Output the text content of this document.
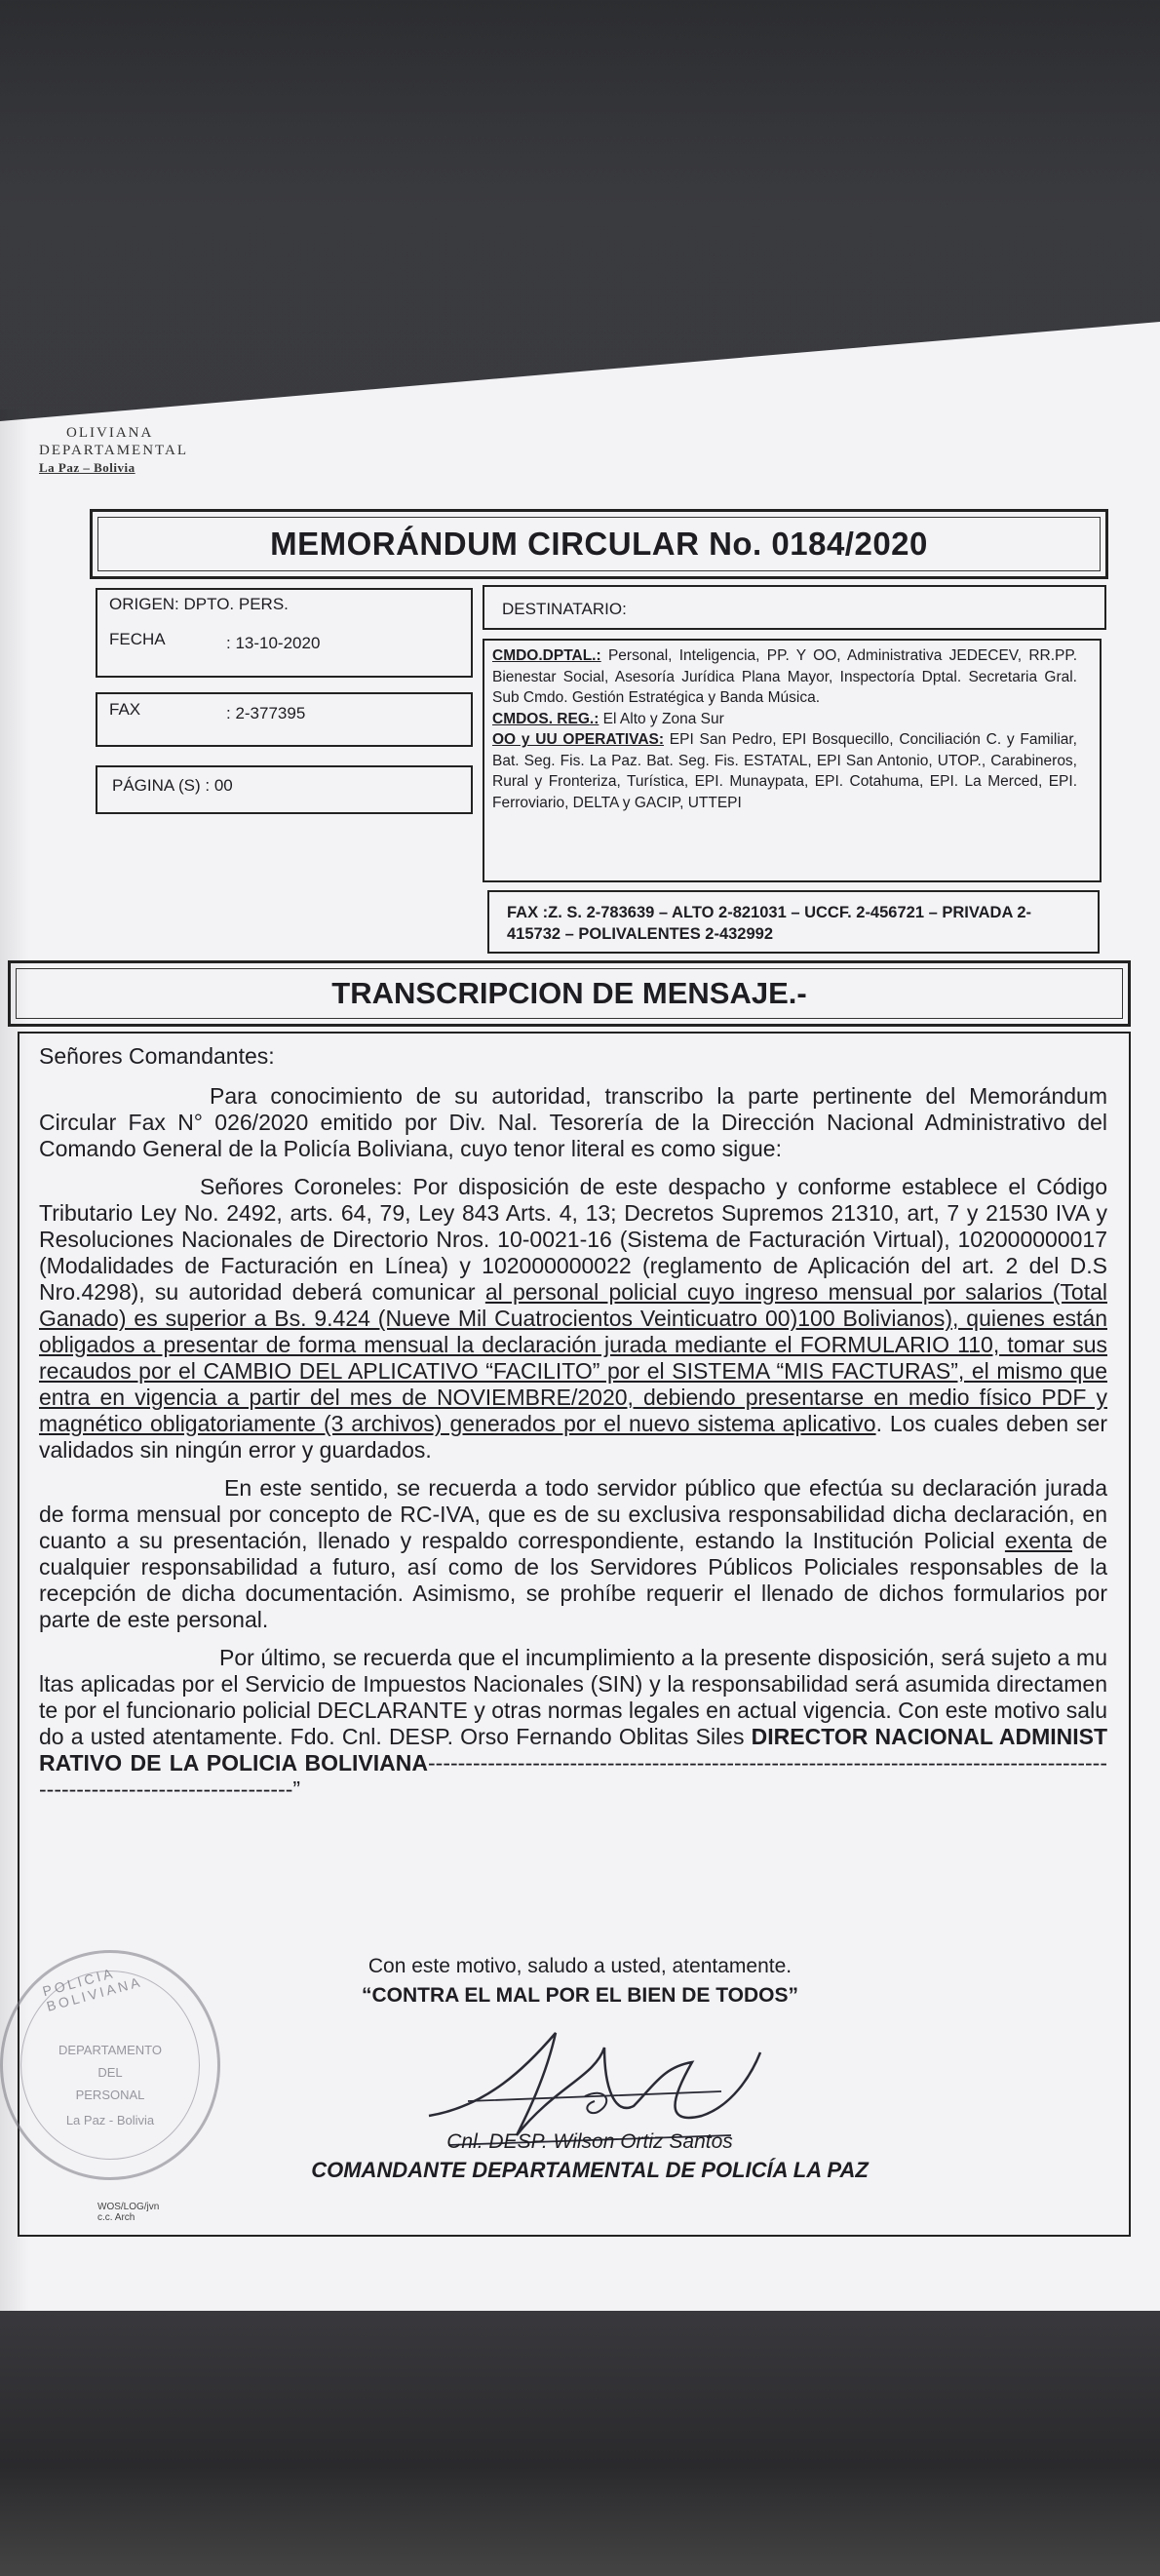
OLIVIANA
DEPARTAMENTAL
La Paz – Bolivia
MEMORÁNDUM CIRCULAR No. 0184/2020
ORIGEN: DPTO. PERS.
FECHA	: 13-10-2020
FAX	: 2-377395
PÁGINA (S) : 00
DESTINATARIO:

CMDO.DPTAL.: Personal, Inteligencia, PP. Y OO, Administrativa JEDECEV, RR.PP. Bienestar Social, Asesoría Jurídica Plana Mayor, Inspectoría Dptal. Secretaria Gral. Sub Cmdo. Gestión Estratégica y Banda Música.

CMDOS. REG.: El Alto y Zona Sur

OO y UU OPERATIVAS: EPI San Pedro, EPI Bosquecillo, Conciliación C. y Familiar, Bat. Seg. Fis. La Paz. Bat. Seg. Fis. ESTATAL, EPI San Antonio, UTOP., Carabineros, Rural y Fronteriza, Turística, EPI. Munaypata, EPI. Cotahuma, EPI. La Merced, EPI. Ferroviario, DELTA y GACIP, UTTEPI

FAX :Z. S. 2-783639 – ALTO 2-821031 – UCCF. 2-456721 – PRIVADA 2-415732 – POLIVALENTES 2-432992
TRANSCRIPCION DE MENSAJE.-

Señores Comandantes:

Para conocimiento de su autoridad, transcribo la parte pertinente del Memorándum Circular Fax N° 026/2020 emitido por Div. Nal. Tesorería de la Dirección Nacional Administrativo del Comando General de la Policía Boliviana, cuyo tenor literal es como sigue:

Señores Coroneles: Por disposición de este despacho y conforme establece el Código Tributario Ley No. 2492, arts. 64, 79, Ley 843 Arts. 4, 13; Decretos Supremos 21310, art, 7 y 21530 IVA y Resoluciones Nacionales de Directorio Nros. 10-0021-16 (Sistema de Facturación Virtual), 102000000017 (Modalidades de Facturación en Línea) y 102000000022 (reglamento de Aplicación del art. 2 del D.S Nro.4298), su autoridad deberá comunicar al personal policial cuyo ingreso mensual por salarios (Total Ganado) es superior a Bs. 9.424 (Nueve Mil Cuatrocientos Veinticuatro 00)100 Bolivianos), quienes están obligados a presentar de forma mensual la declaración jurada mediante el FORMULARIO 110, tomar sus recaudos por el CAMBIO DEL APLICATIVO “FACILITO” por el SISTEMA “MIS FACTURAS”, el mismo que entra en vigencia a partir del mes de NOVIEMBRE/2020, debiendo presentarse en medio físico PDF y magnético obligatoriamente (3 archivos) generados por el nuevo sistema aplicativo. Los cuales deben ser validados sin ningún error y guardados.

En este sentido, se recuerda a todo servidor público que efectúa su declaración jurada de forma mensual por concepto de RC-IVA, que es de su exclusiva responsabilidad dicha declaración, en cuanto a su presentación, llenado y respaldo correspondiente, estando la Institución Policial exenta de cualquier responsabilidad a futuro, así como de los Servidores Públicos Policiales responsables de la recepción de dicha documentación. Asimismo, se prohíbe requerir el llenado de dichos formularios por parte de este personal.

Por último, se recuerda que el incumplimiento a la presente disposición, será sujeto a multas aplicadas por el Servicio de Impuestos Nacionales (SIN) y la responsabilidad será asumida directamente por el funcionario policial DECLARANTE y otras normas legales en actual vigencia. Con este motivo saludo a usted atentamente. Fdo. Cnl. DESP. Orso Fernando Oblitas Siles DIRECTOR NACIONAL ADMINISTRATIVO DE LA POLICIA BOLIVIANA-----------------------------------------------------------------------------------------------------------------------------”

Con este motivo, saludo a usted, atentamente.
“CONTRA EL MAL POR EL BIEN DE TODOS”
Cnl. DESP. Wilson Ortiz Santos
COMANDANTE DEPARTAMENTAL DE POLICÍA LA PAZ
POLICIA BOLIVIANA
DEPARTAMENTO
DEL
PERSONAL
La Paz - Bolivia
WOS/LOG/jvn
c.c. Arch
